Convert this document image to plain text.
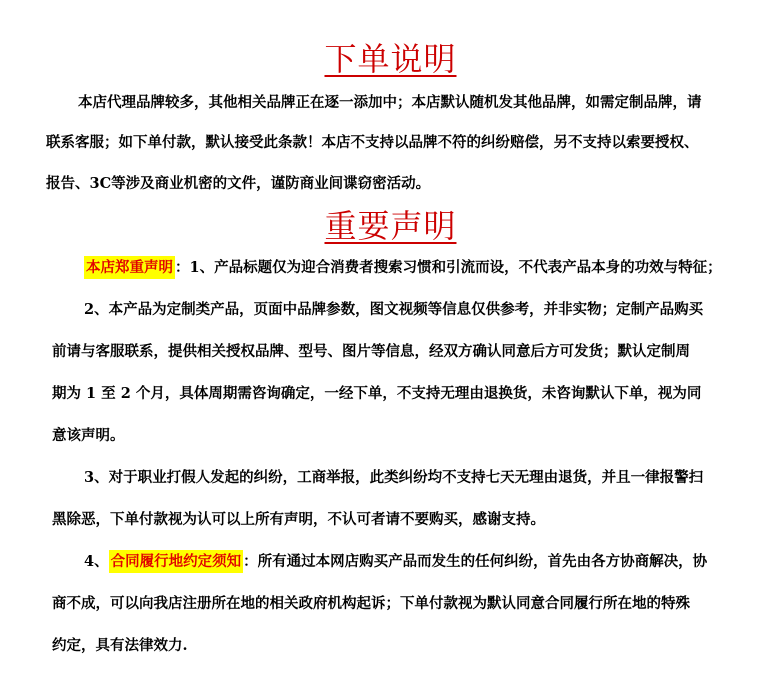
下单说明
本店代理品牌较多，其他相关品牌正在逐一添加中；本店默认随机发其他品牌，如需定制品牌，请
联系客服；如下单付款，默认接受此条款！本店不支持以品牌不符的纠纷赔偿，另不支持以索要授权、
报告、3C等涉及商业机密的文件，谨防商业间谍窃密活动。
重要声明
本店郑重声明 ：1、产品标题仅为迎合消费者搜索习惯和引流而设，不代表产品本身的功效与特征；
2、本产品为定制类产品，页面中品牌参数，图文视频等信息仅供参考，并非实物；定制产品购买
前请与客服联系，提供相关授权品牌、型号、图片等信息，经双方确认同意后方可发货；默认定制周
期为 1 至 2 个月，具体周期需咨询确定，一经下单，不支持无理由退换货，未咨询默认下单，视为同
意该声明。
3、对于职业打假人发起的纠纷，工商举报，此类纠纷均不支持七天无理由退货，并且一律报警扫
黑除恶，下单付款视为认可以上所有声明，不认可者请不要购买，感谢支持。
4、 合同履行地约定须知 ：所有通过本网店购买产品而发生的任何纠纷，首先由各方协商解决，协
商不成，可以向我店注册所在地的相关政府机构起诉；下单付款视为默认同意合同履行所在地的特殊
约定，具有法律效力.
